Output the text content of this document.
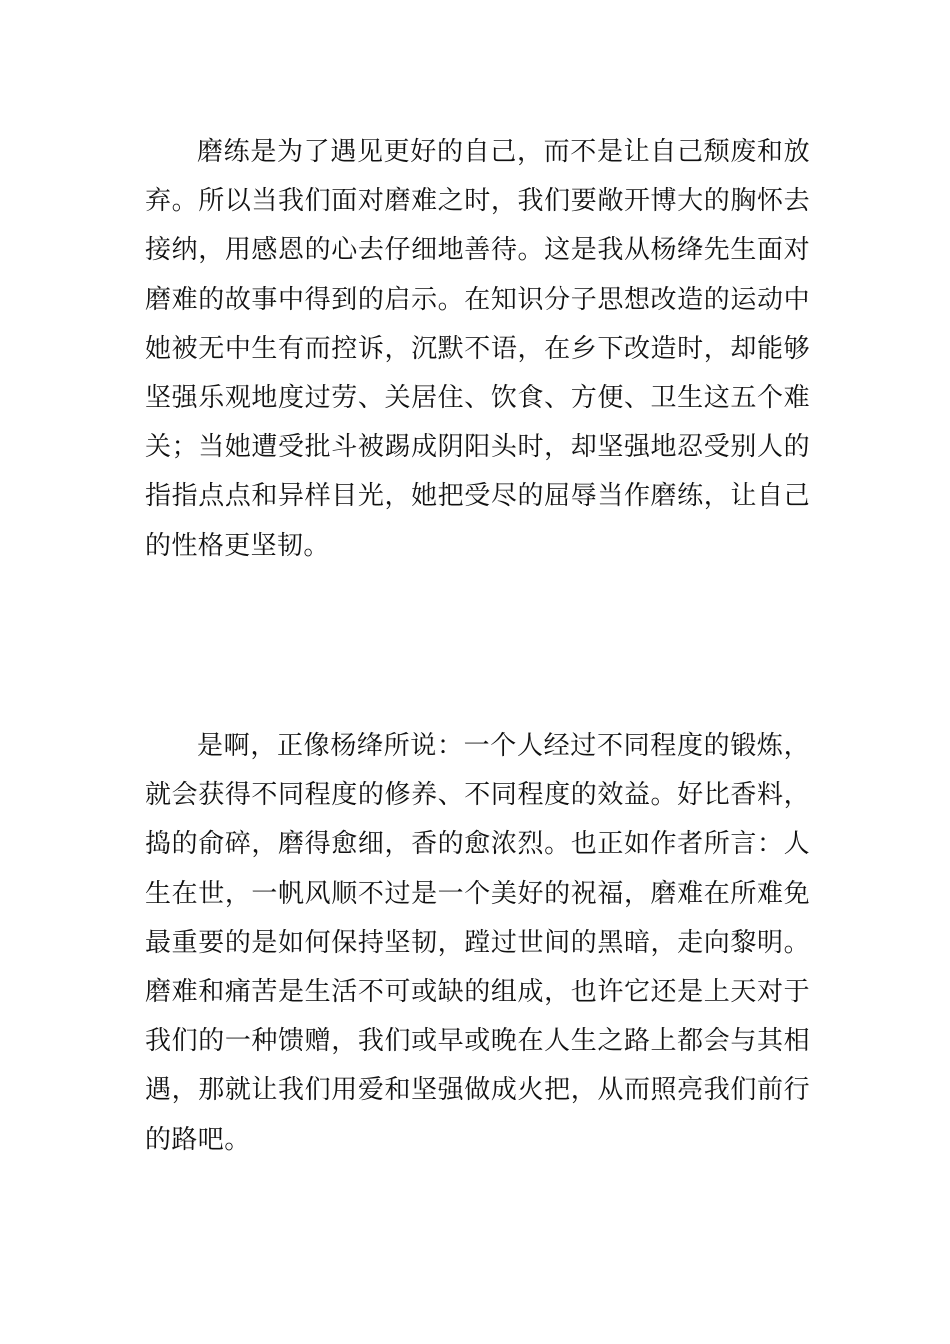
磨练是为了遇见更好的自己，而不是让自己颓废和放弃。所以当我们面对磨难之时，我们要敞开博大的胸怀去接纳，用感恩的心去仔细地善待。这是我从杨绛先生面对磨难的故事中得到的启示。在知识分子思想改造的运动中她被无中生有而控诉，沉默不语，在乡下改造时，却能够坚强乐观地度过劳、关居住、饮食、方便、卫生这五个难关；当她遭受批斗被踢成阴阳头时，却坚强地忍受别人的指指点点和异样目光，她把受尽的屈辱当作磨练，让自己的性格更坚韧。

是啊，正像杨绛所说：一个人经过不同程度的锻炼，就会获得不同程度的修养、不同程度的效益。好比香料，捣的俞碎，磨得愈细，香的愈浓烈。也正如作者所言：人生在世，一帆风顺不过是一个美好的祝福，磨难在所难免最重要的是如何保持坚韧，蹚过世间的黑暗，走向黎明。磨难和痛苦是生活不可或缺的组成，也许它还是上天对于我们的一种馈赠，我们或早或晚在人生之路上都会与其相遇，那就让我们用爱和坚强做成火把，从而照亮我们前行的路吧。
